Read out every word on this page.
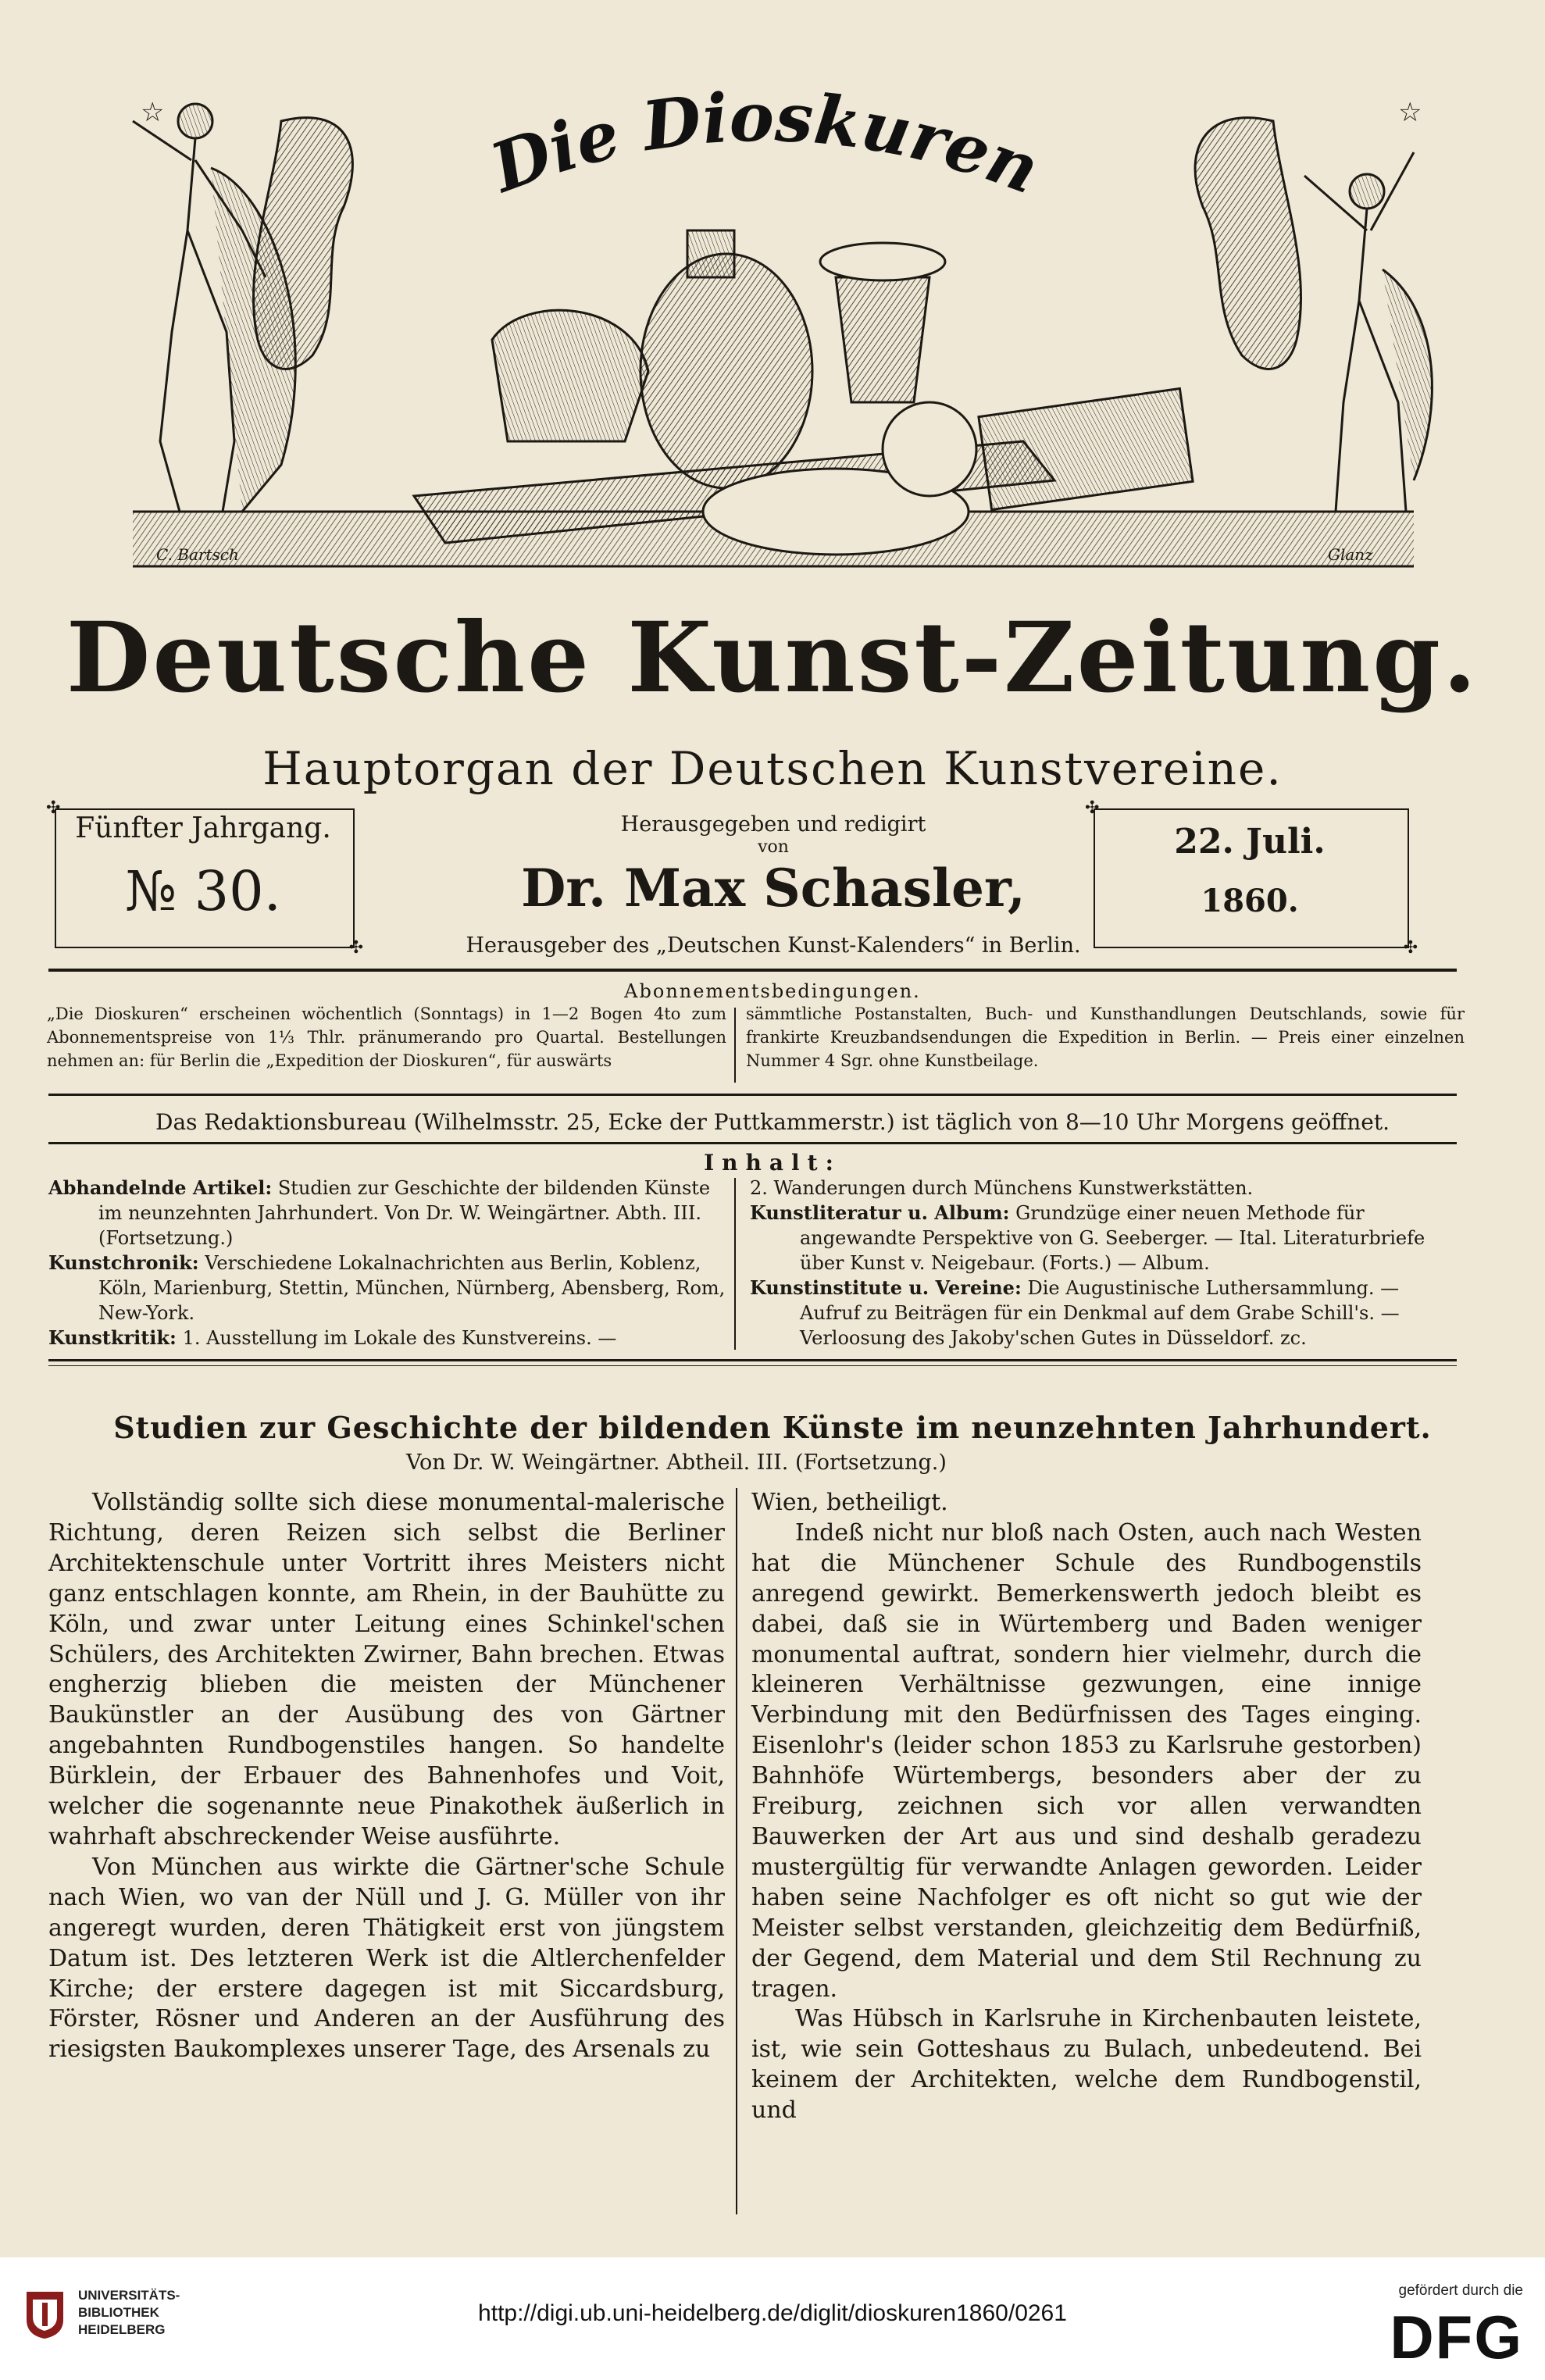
Die Dioskuren
C. Bartsch	Glanz
☆	☆
Deutsche Kunst-Zeitung.
Hauptorgan der Deutschen Kunstvereine.
✣ ✣
✣ ✣
Fünfter Jahrgang.
№ 30.
22. Juli.
1860.
Herausgegeben und redigirt
von
Dr. Max Schasler,
Herausgeber des „Deutschen Kunst-Kalenders“ in Berlin.
Abonnementsbedingungen.
„Die Dioskuren“ erscheinen wöchentlich (Sonntags) in 1—2 Bogen 4to zum Abonnementspreise von 1⅓ Thlr. pränumerando pro Quartal. Bestellungen nehmen an: für Berlin die „Expedition der Dioskuren“, für auswärts
sämmtliche Postanstalten, Buch- und Kunsthandlungen Deutschlands, sowie für frankirte Kreuzbandsendungen die Expedition in Berlin. — Preis einer einzelnen Nummer 4 Sgr. ohne Kunstbeilage.
Das Redaktionsbureau (Wilhelmsstr. 25, Ecke der Puttkammerstr.) ist täglich von 8—10 Uhr Morgens geöffnet.
Inhalt:
Abhandelnde Artikel: Studien zur Geschichte der bildenden Künste im neunzehnten Jahrhundert. Von Dr. W. Weingärtner. Abth. III. (Fortsetzung.)
Kunstchronik: Verschiedene Lokalnachrichten aus Berlin, Koblenz, Köln, Marienburg, Stettin, München, Nürnberg, Abensberg, Rom, New-York.
Kunstkritik: 1. Ausstellung im Lokale des Kunstvereins. —
2. Wanderungen durch Münchens Kunstwerkstätten.
Kunstliteratur u. Album: Grundzüge einer neuen Methode für angewandte Perspektive von G. Seeberger. — Ital. Literaturbriefe über Kunst v. Neigebaur. (Forts.) — Album.
Kunstinstitute u. Vereine: Die Augustinische Luthersammlung. — Aufruf zu Beiträgen für ein Denkmal auf dem Grabe Schill's. — Verloosung des Jakoby'schen Gutes in Düsseldorf. zc.
Studien zur Geschichte der bildenden Künste im neunzehnten Jahrhundert.
Von Dr. W. Weingärtner. Abtheil. III. (Fortsetzung.)

Vollständig sollte sich diese monumental-malerische Richtung, deren Reizen sich selbst die Berliner Architektenschule unter Vortritt ihres Meisters nicht ganz entschlagen konnte, am Rhein, in der Bauhütte zu Köln, und zwar unter Leitung eines Schinkel'schen Schülers, des Architekten Zwirner, Bahn brechen. Etwas engherzig blieben die meisten der Münchener Baukünstler an der Ausübung des von Gärtner angebahnten Rundbogenstiles hangen. So handelte Bürklein, der Erbauer des Bahnenhofes und Voit, welcher die sogenannte neue Pinakothek äußerlich in wahrhaft abschreckender Weise ausführte.

Von München aus wirkte die Gärtner'sche Schule nach Wien, wo van der Nüll und J. G. Müller von ihr angeregt wurden, deren Thätigkeit erst von jüngstem Datum ist. Des letzteren Werk ist die Altlerchenfelder Kirche; der erstere dagegen ist mit Siccardsburg, Förster, Rösner und Anderen an der Ausführung des riesigsten Baukomplexes unserer Tage, des Arsenals zu

Wien, betheiligt.

Indeß nicht nur bloß nach Osten, auch nach Westen hat die Münchener Schule des Rundbogenstils anregend gewirkt. Bemerkenswerth jedoch bleibt es dabei, daß sie in Würtemberg und Baden weniger monumental auftrat, sondern hier vielmehr, durch die kleineren Verhältnisse gezwungen, eine innige Verbindung mit den Bedürfnissen des Tages einging. Eisenlohr's (leider schon 1853 zu Karlsruhe gestorben) Bahnhöfe Würtembergs, besonders aber der zu Freiburg, zeichnen sich vor allen verwandten Bauwerken der Art aus und sind deshalb geradezu mustergültig für verwandte Anlagen geworden. Leider haben seine Nachfolger es oft nicht so gut wie der Meister selbst verstanden, gleichzeitig dem Bedürfniß, der Gegend, dem Material und dem Stil Rechnung zu tragen.

Was Hübsch in Karlsruhe in Kirchenbauten leistete, ist, wie sein Gotteshaus zu Bulach, unbedeutend. Bei keinem der Architekten, welche dem Rundbogenstil, und

UNIVERSITÄTS-
BIBLIOTHEK
HEIDELBERG
http://digi.ub.uni-heidelberg.de/diglit/dioskuren1860/0261
gefördert durch die
DFG
